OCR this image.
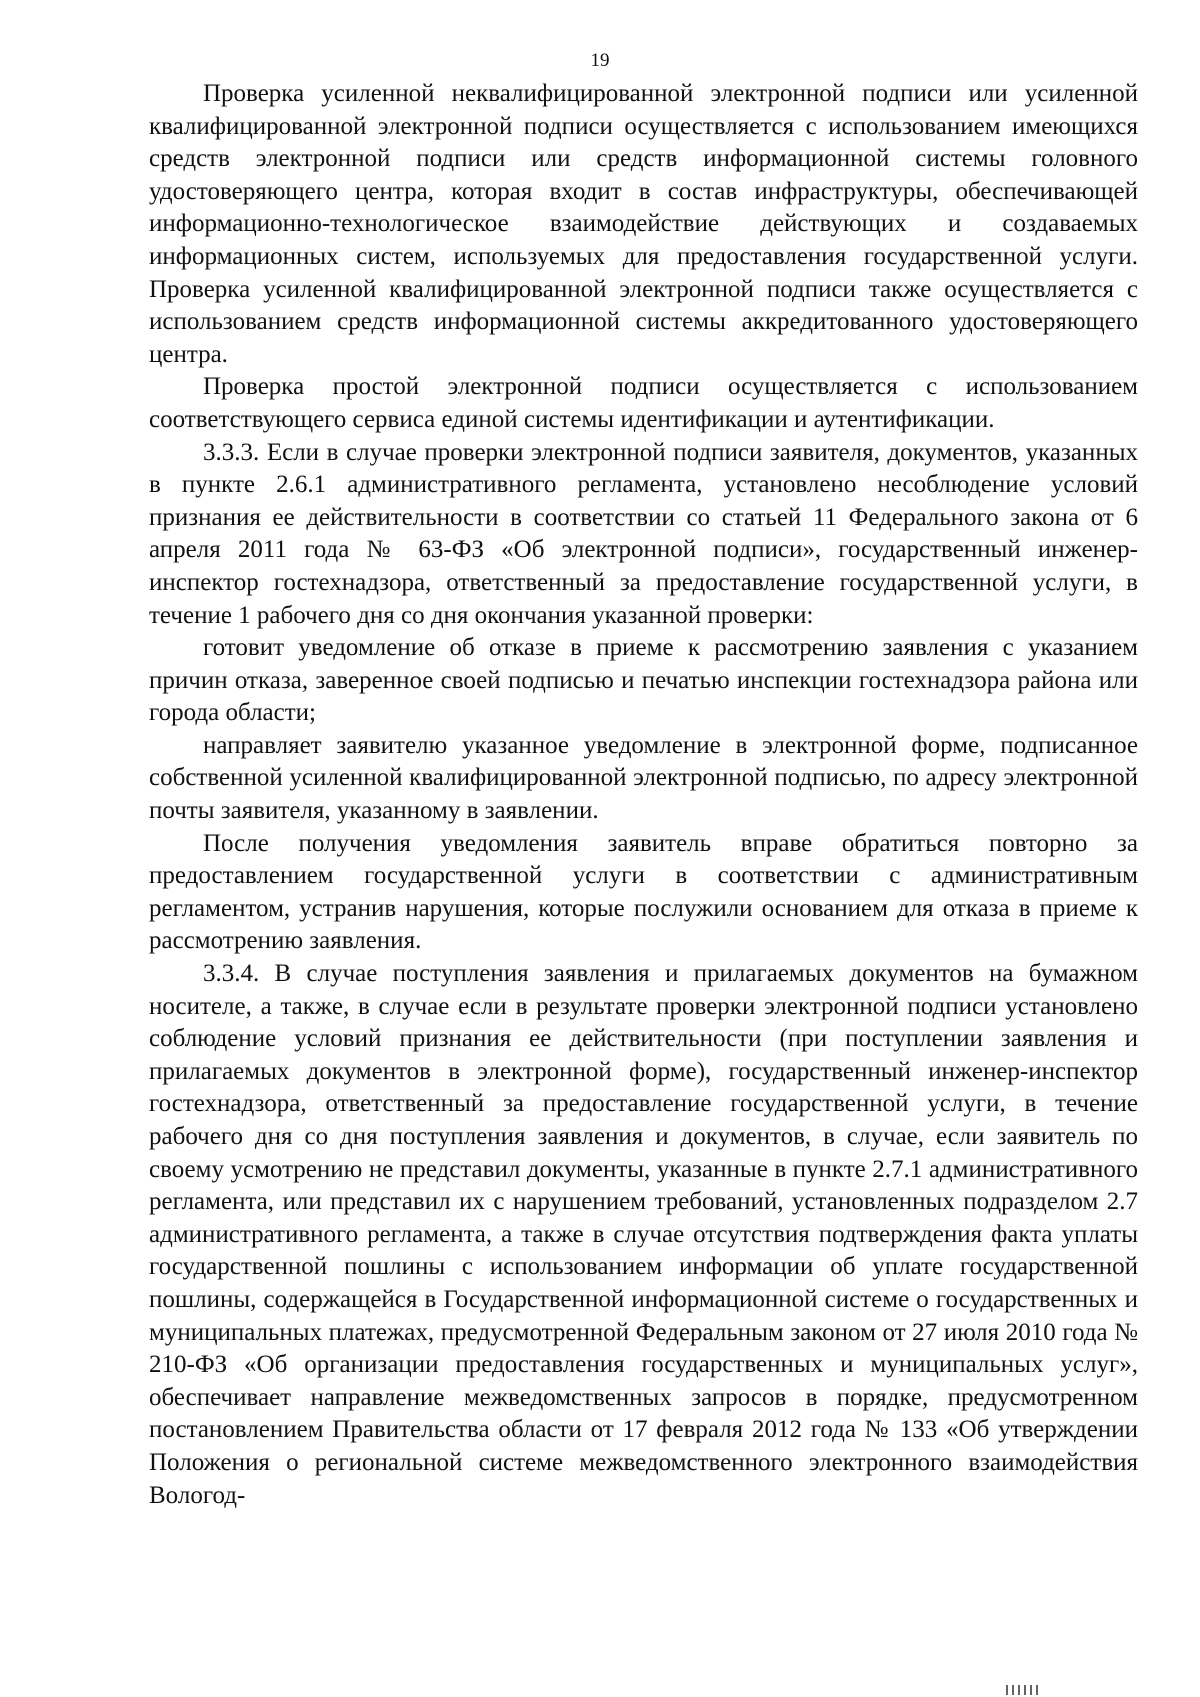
19

Проверка усиленной неквалифицированной электронной подписи или усиленной квалифицированной электронной подписи осуществляется с использованием имеющихся средств электронной подписи или средств информационной системы головного удостоверяющего центра, которая входит в состав инфраструктуры, обеспечивающей информационно-технологическое взаимодействие действующих и создаваемых информационных систем, используемых для предоставления государственной услуги. Проверка усиленной квалифицированной электронной подписи также осуществляется с использованием средств информационной системы аккредитованного удостоверяющего центра.

Проверка простой электронной подписи осуществляется с использованием соответствующего сервиса единой системы идентификации и аутентификации.

3.3.3. Если в случае проверки электронной подписи заявителя, документов, указанных в пункте 2.6.1 административного регламента, установлено несоблюдение условий признания ее действительности в соответствии со статьей 11 Федерального закона от 6 апреля 2011 года № 63-ФЗ «Об электронной подписи», государственный инженер-инспектор гостехнадзора, ответственный за предоставление государственной услуги, в течение 1 рабочего дня со дня окончания указанной проверки:

готовит уведомление об отказе в приеме к рассмотрению заявления с указанием причин отказа, заверенное своей подписью и печатью инспекции гостехнадзора района или города области;

направляет заявителю указанное уведомление в электронной форме, подписанное собственной усиленной квалифицированной электронной подписью, по адресу электронной почты заявителя, указанному в заявлении.

После получения уведомления заявитель вправе обратиться повторно за предоставлением государственной услуги в соответствии с административным регламентом, устранив нарушения, которые послужили основанием для отказа в приеме к рассмотрению заявления.

3.3.4. В случае поступления заявления и прилагаемых документов на бумажном носителе, а также, в случае если в результате проверки электронной подписи установлено соблюдение условий признания ее действительности (при поступлении заявления и прилагаемых документов в электронной форме), государственный инженер-инспектор гостехнадзора, ответственный за предоставление государственной услуги, в течение рабочего дня со дня поступления заявления и документов, в случае, если заявитель по своему усмотрению не представил документы, указанные в пункте 2.7.1 административного регламента, или представил их с нарушением требований, установленных подразделом 2.7 административного регламента, а также в случае отсутствия подтверждения факта уплаты государственной пошлины с использованием информации об уплате государственной пошлины, содержащейся в Государственной информационной системе о государственных и муниципальных платежах, предусмотренной Федеральным законом от 27 июля 2010 года № 210-ФЗ «Об организации предоставления государственных и муниципальных услуг», обеспечивает направление межведомственных запросов в порядке, предусмотренном постановлением Правительства области от 17 февраля 2012 года № 133 «Об утверждении Положения о региональной системе межведомственного электронного взаимодействия Вологод-
